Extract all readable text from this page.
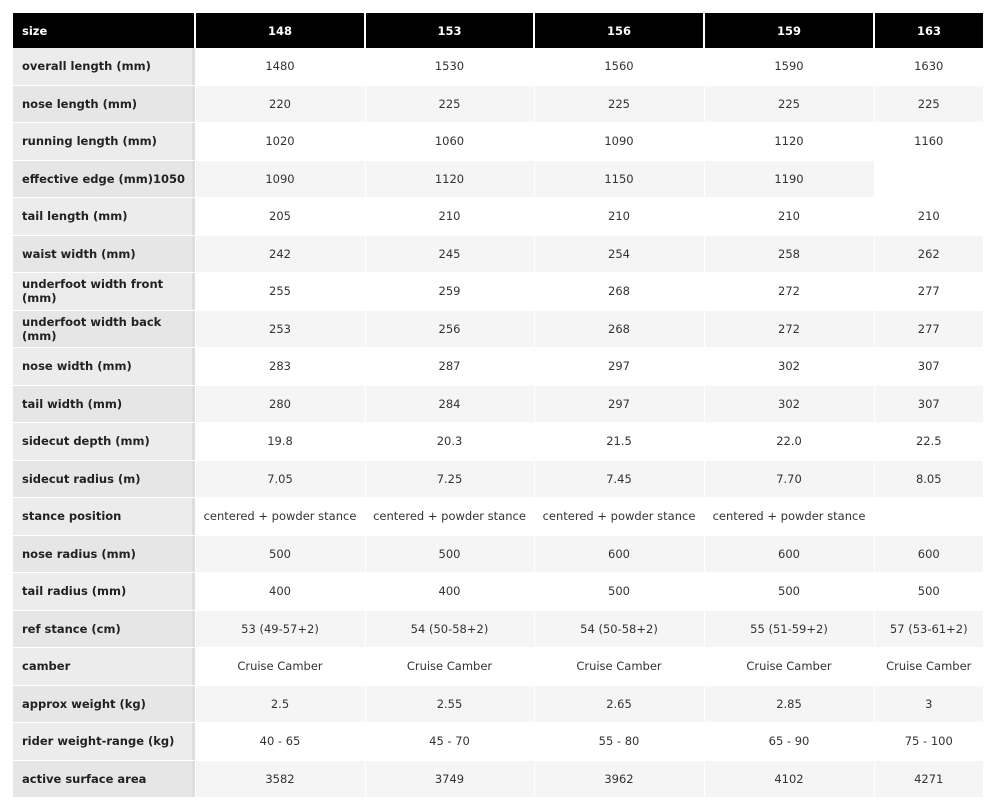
size	148	153	156	159	163
overall length (mm)	1480	1530	1560	1590	1630
nose length (mm)	220	225	225	225	225
running length (mm)	1020	1060	1090	1120	1160
effective edge (mm)1050	1090	1120	1150	1190	
tail length (mm)	205	210	210	210	210
waist width (mm)	242	245	254	258	262
underfoot width front (mm)	255	259	268	272	277
underfoot width back (mm)	253	256	268	272	277
nose width (mm)	283	287	297	302	307
tail width (mm)	280	284	297	302	307
sidecut depth (mm)	19.8	20.3	21.5	22.0	22.5
sidecut radius (m)	7.05	7.25	7.45	7.70	8.05
stance position	centered + powder stance	centered + powder stance	centered + powder stance	centered + powder stance	
nose radius (mm)	500	500	600	600	600
tail radius (mm)	400	400	500	500	500
ref stance (cm)	53 (49-57+2)	54 (50-58+2)	54 (50-58+2)	55 (51-59+2)	57 (53-61+2)
camber	Cruise Camber	Cruise Camber	Cruise Camber	Cruise Camber	Cruise Camber
approx weight (kg)	2.5	2.55	2.65	2.85	3
rider weight-range (kg)	40 - 65	45 - 70	55 - 80	65 - 90	75 - 100
active surface area	3582	3749	3962	4102	4271
